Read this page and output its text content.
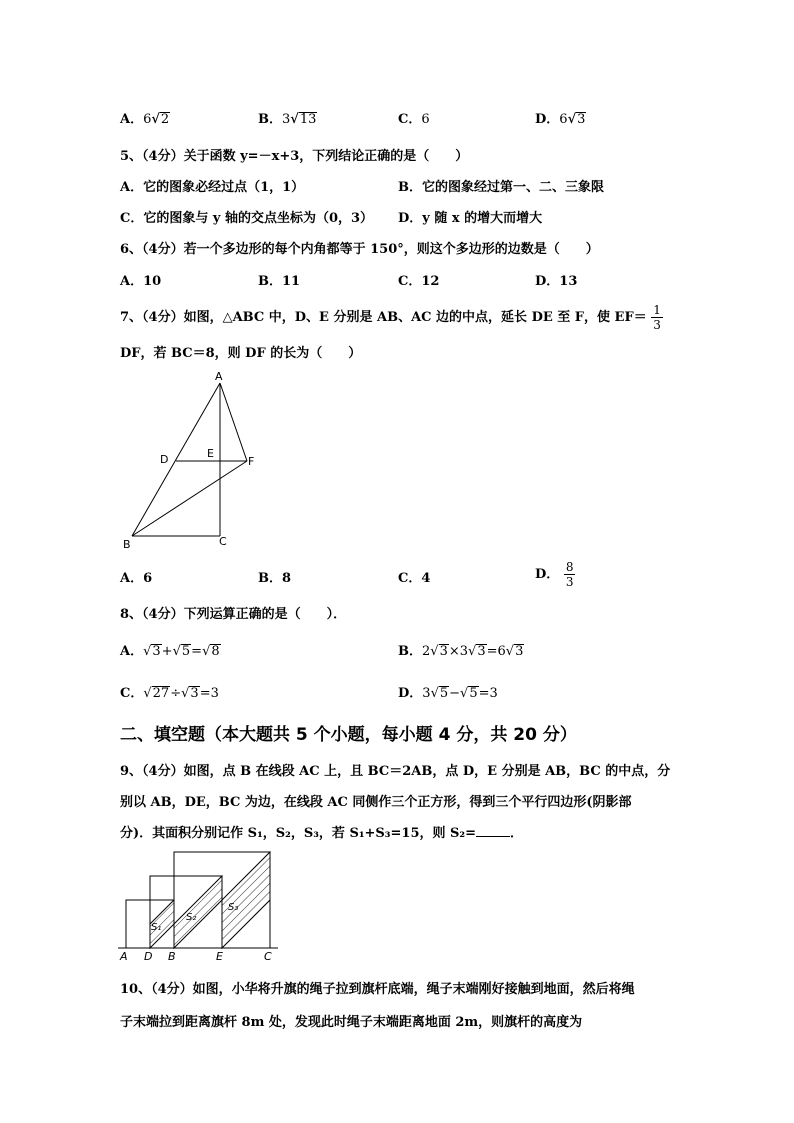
A．6√2	B．3√13	C．6	D．6√3
5、（4分）关于函数 y=－x+3，下列结论正确的是（　　）
A．它的图象必经过点（1，1）	B．它的图象经过第一、二、三象限
C．它的图象与 y 轴的交点坐标为（0，3） D．y 随 x 的增大而增大
6、（4分）若一个多边形的每个内角都等于 150°，则这个多边形的边数是（　　）
A．10	B．11	C．12	D．13
7、（4分）如图，△ABC 中，D、E 分别是 AB、AC 边的中点，延长 DE 至 F，使 $EF= \frac{1}{3}$
DF，若 BC＝8，则 DF 的长为（　　）
A
D	E
F
B	C
A．6	B．8	C．4	D． $\frac{8}{3}$
8、（4分）下列运算正确的是（　　）．
A．√3+√5=√8	B．2√3×3√3=6√3
C．√27÷√3=3	D．3√5−√5=3
二、填空题（本大题共 5 个小题，每小题 4 分，共 20 分）
9、（4分）如图，点 B 在线段 AC 上，且 BC＝2AB，点 D，E 分别是 AB，BC 的中点，分
别以 AB，DE，BC 为边，在线段 AC 同侧作三个正方形，得到三个平行四边形(阴影部
分)．其面积分别记作 S₁，S₂，S₃，若 S₁+S₃=15，则 S₂=	．
S₁
S₂
S₃
A D B	E	C
10、（4分）如图，小华将升旗的绳子拉到旗杆底端，绳子末端刚好接触到地面，然后将绳
子末端拉到距离旗杆 8m 处，发现此时绳子末端距离地面 2m，则旗杆的高度为
